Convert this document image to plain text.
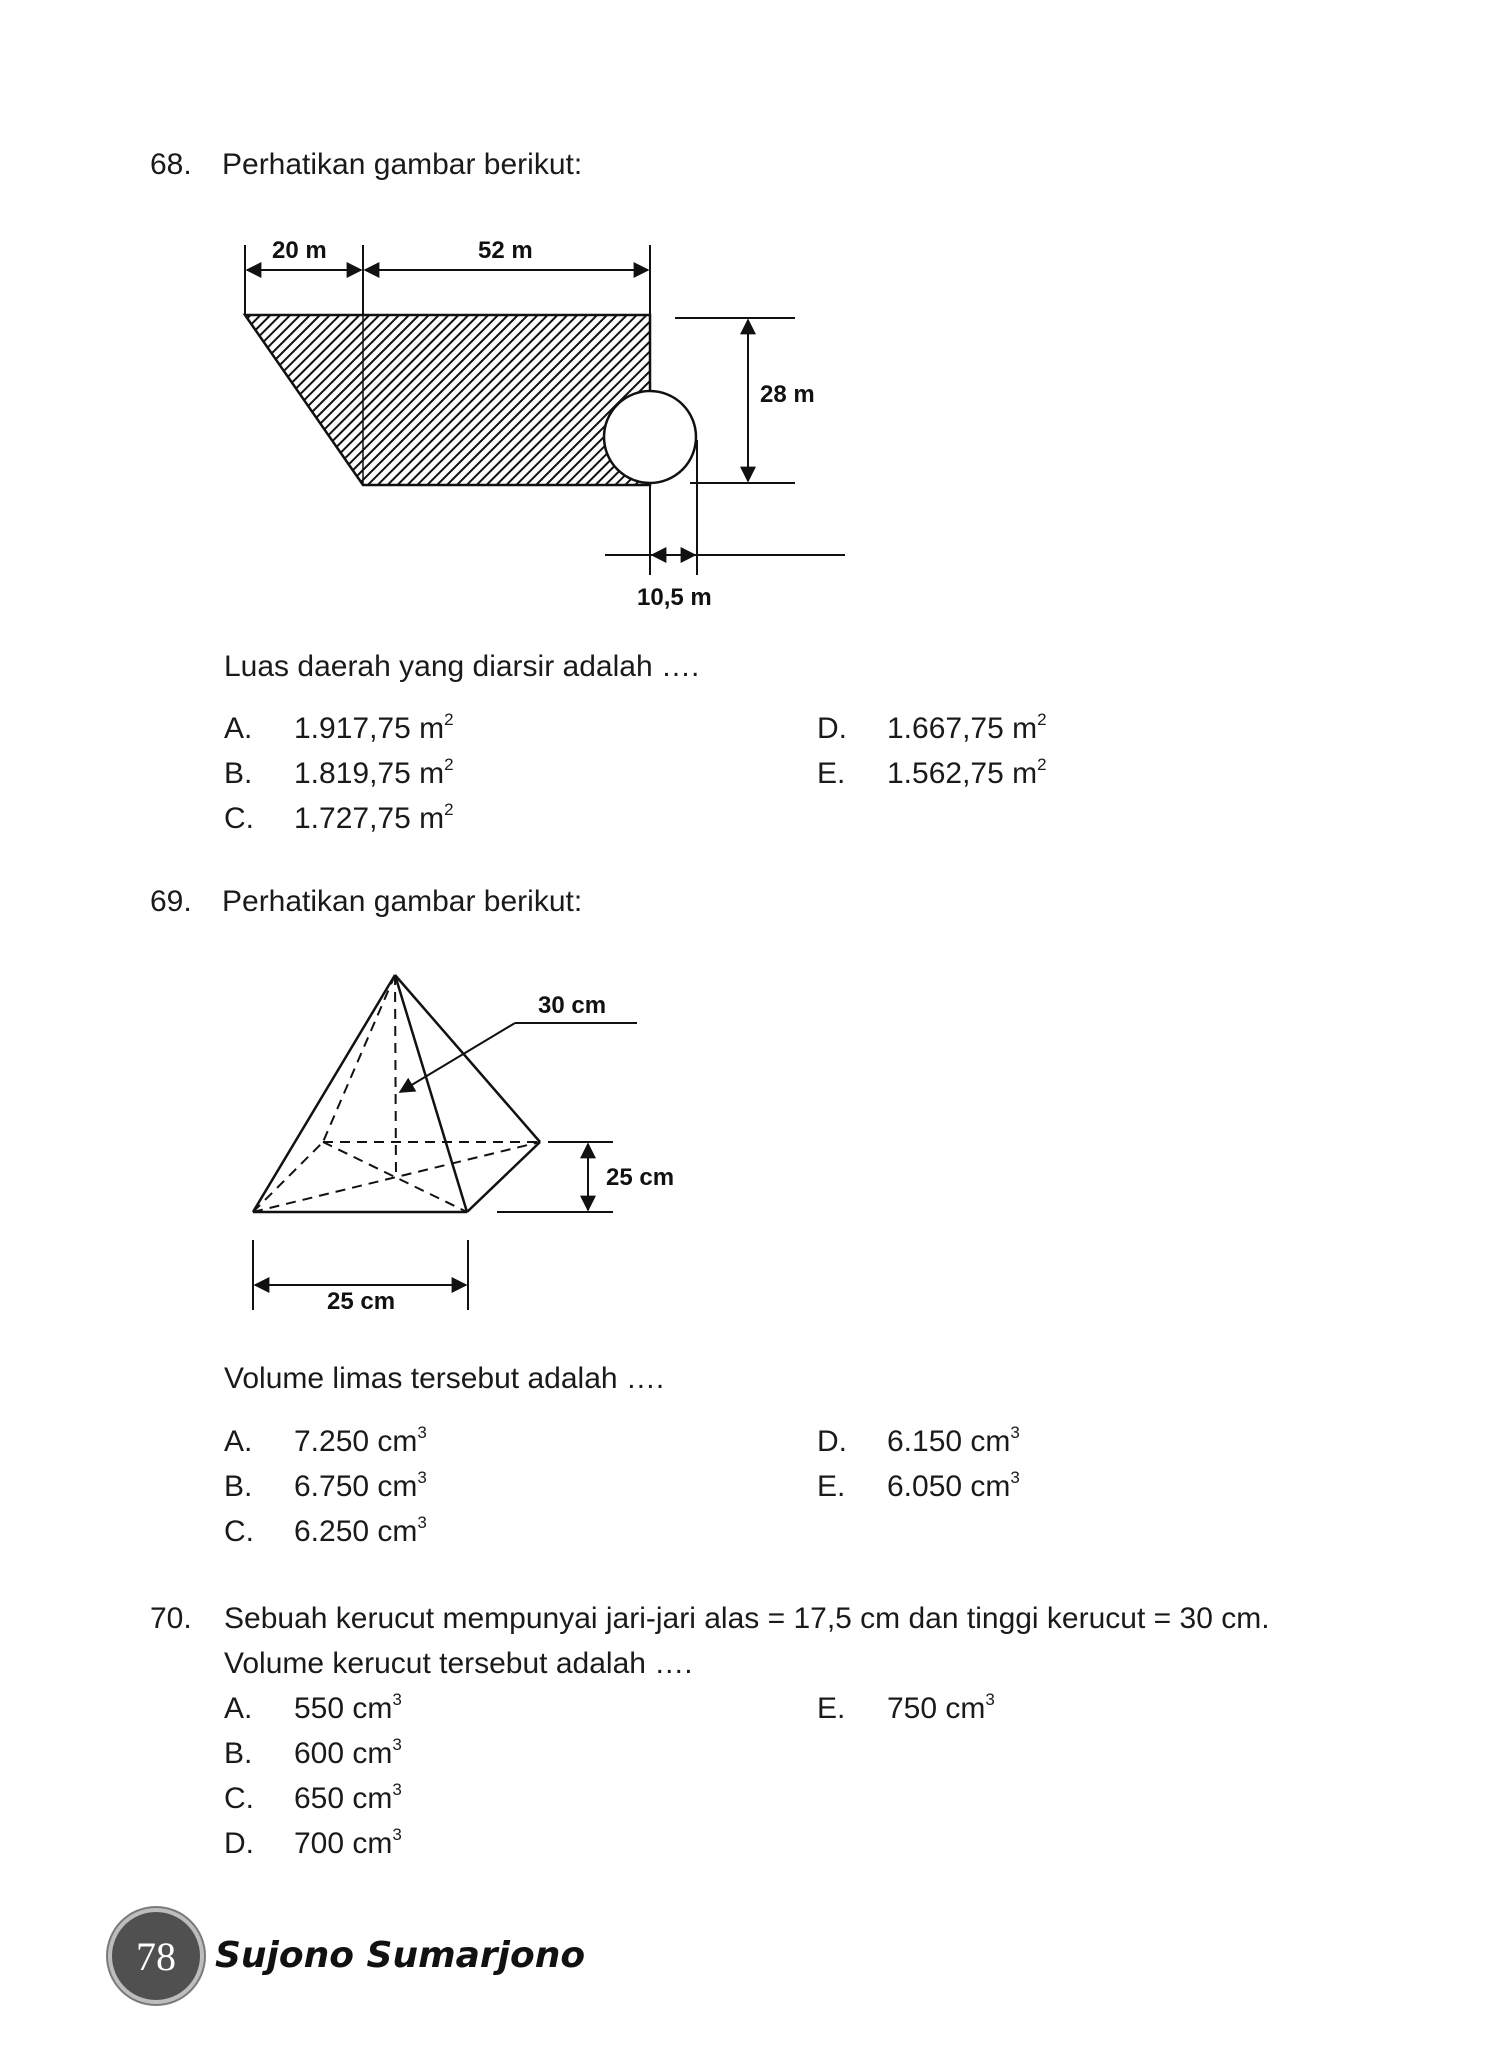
68. Perhatikan gambar berikut:
20 m	52 m
28 m
10,5 m
Luas daerah yang diarsir adalah ….
A. 1.917,75 $m^2$
B. 1.819,75 $m^2$
C. 1.727,75 $m^2$
D. 1.667,75 $m^2$
E. 1.562,75 $m^2$
69. Perhatikan gambar berikut:
30 cm
25 cm
25 cm
Volume limas tersebut adalah ….
A. 7.250 $cm^3$
B. 6.750 $cm^3$
C. 6.250 $cm^3$
D. 6.150 $cm^3$
E. 6.050 $cm^3$
70. Sebuah kerucut mempunyai jari-jari alas = 17,5 cm dan tinggi kerucut = 30 cm.
Volume kerucut tersebut adalah ….
A. 550 $cm^3$
B. 600 $cm^3$
C. 650 $cm^3$
D. 700 $cm^3$
E. 750 $cm^3$
78 Sujono Sumarjono
